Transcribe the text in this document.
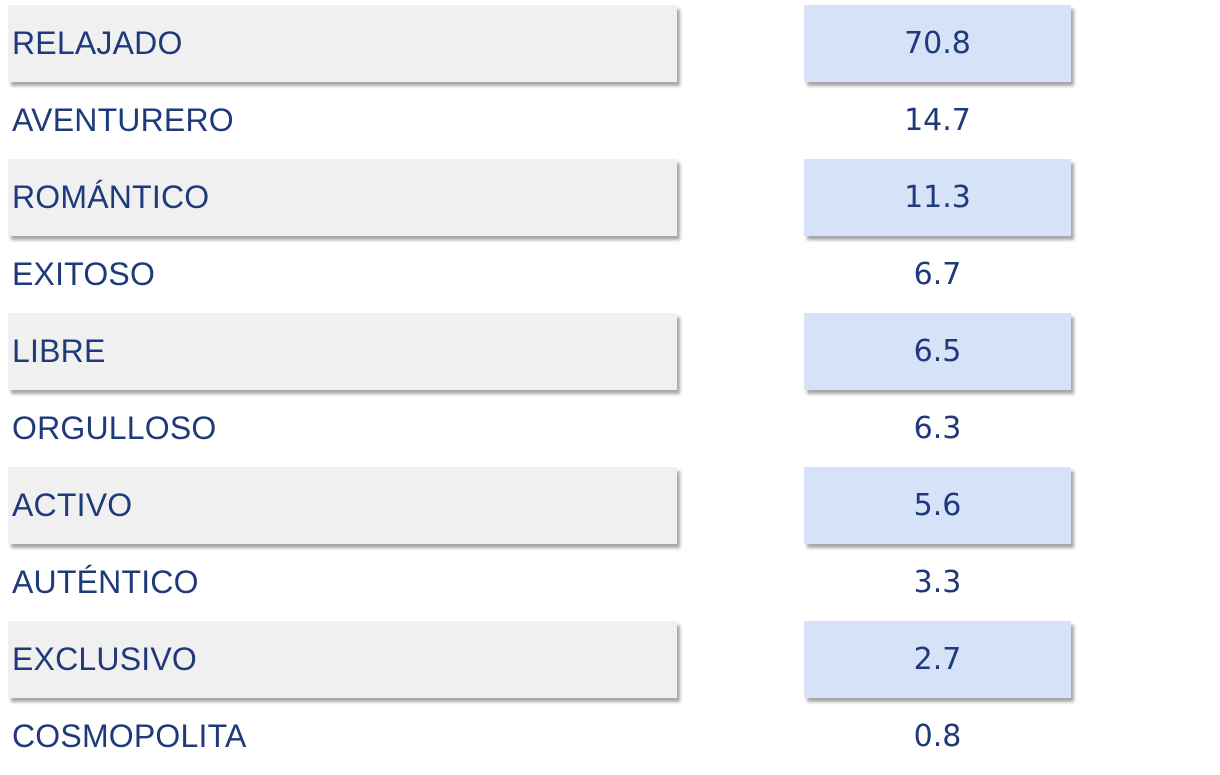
RELAJADO	70.8
AVENTURERO	14.7
ROMÁNTICO	11.3
EXITOSO	6.7
LIBRE	6.5
ORGULLOSO	6.3
ACTIVO	5.6
AUTÉNTICO	3.3
EXCLUSIVO	2.7
COSMOPOLITA	0.8
